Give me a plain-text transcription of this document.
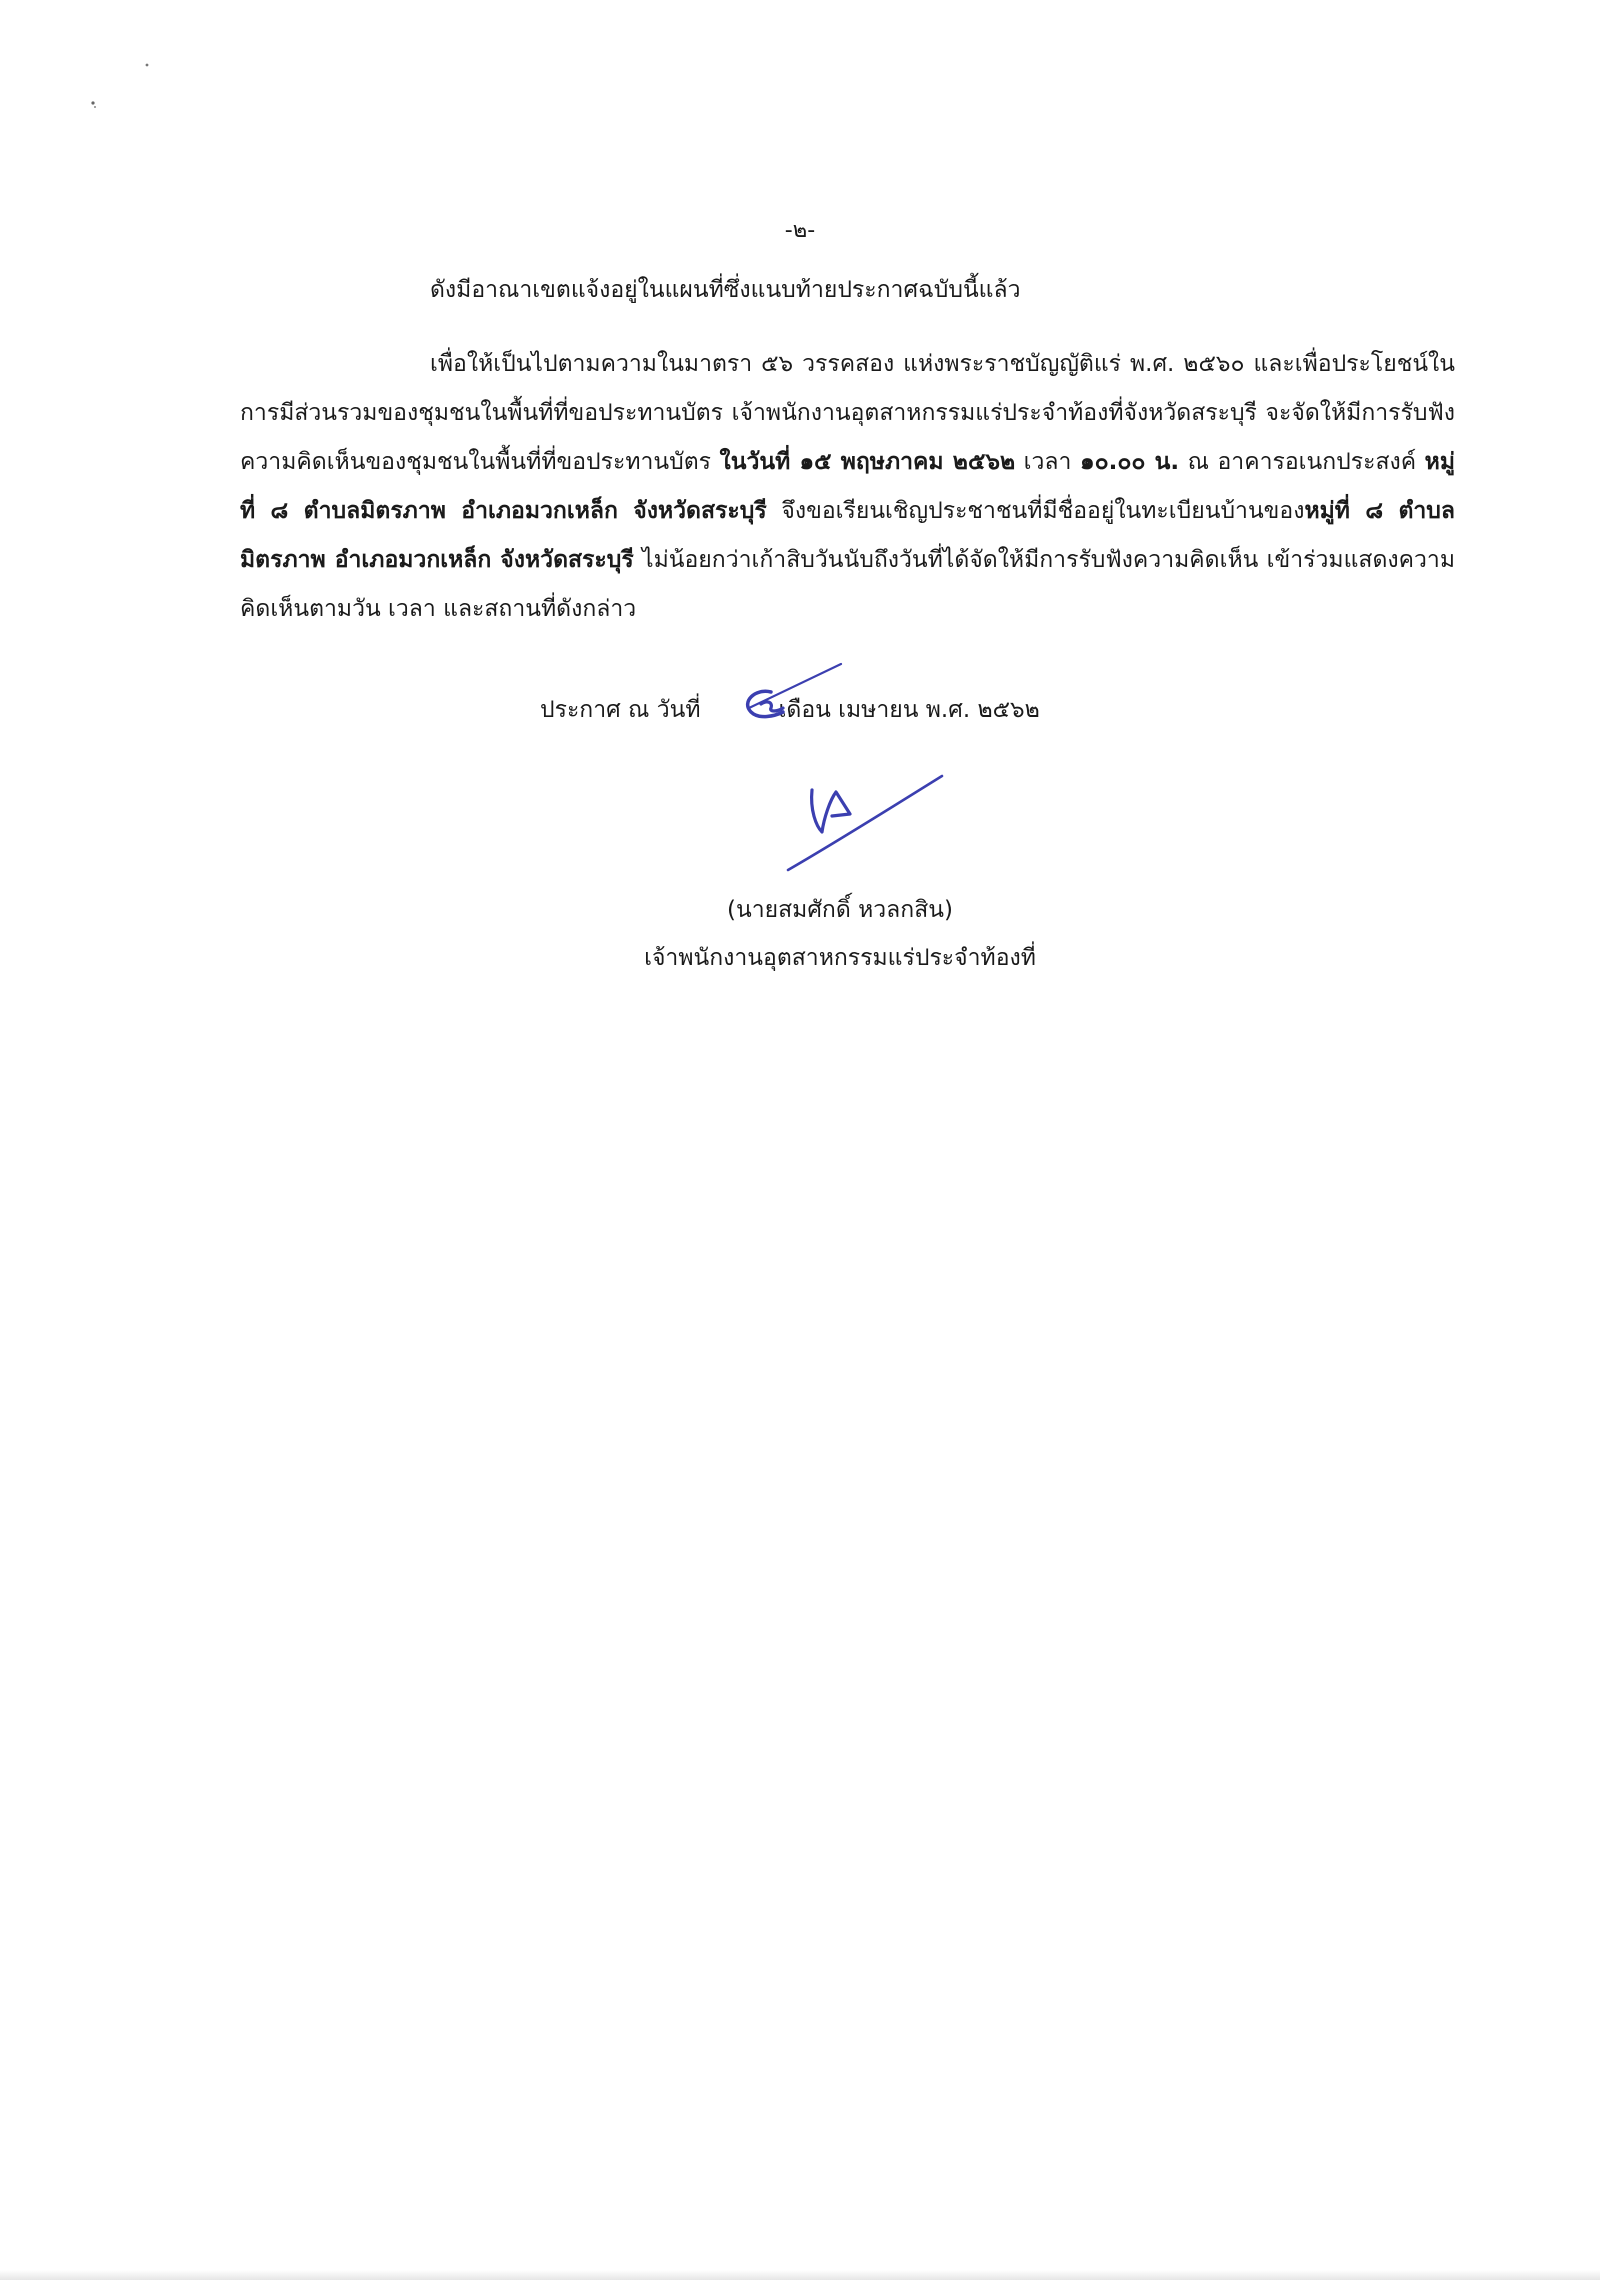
-๒-
ดังมีอาณาเขตแจ้งอยู่ในแผนที่ซึ่งแนบท้ายประกาศฉบับนี้แล้ว
เพื่อให้เป็นไปตามความในมาตรา ๕๖ วรรคสอง แห่งพระราชบัญญัติแร่ พ.ศ. ๒๕๖๐ และเพื่อประโยชน์ในการมีส่วนรวมของชุมชนในพื้นที่ที่ขอประทานบัตร เจ้าพนักงานอุตสาหกรรมแร่ประจำท้องที่จังหวัดสระบุรี จะจัดให้มีการรับฟังความคิดเห็นของชุมชนในพื้นที่ที่ขอประทานบัตร ในวันที่ ๑๕ พฤษภาคม ๒๕๖๒ เวลา ๑๐.๐๐ น. ณ อาคารอเนกประสงค์ หมู่ที่ ๘ ตำบลมิตรภาพ อำเภอมวกเหล็ก จังหวัดสระบุรี จึงขอเรียนเชิญประชาชนที่มีชื่ออยู่ในทะเบียนบ้านของหมู่ที่ ๘ ตำบลมิตรภาพ อำเภอมวกเหล็ก จังหวัดสระบุรี ไม่น้อยกว่าเก้าสิบวันนับถึงวันที่ได้จัดให้มีการรับฟังความคิดเห็น เข้าร่วมแสดงความคิดเห็นตามวัน เวลา และสถานที่ดังกล่าว
ประกาศ ณ วันที่	เดือน เมษายน พ.ศ. ๒๕๖๒
(นายสมศักดิ์ หวลกสิน)
เจ้าพนักงานอุตสาหกรรมแร่ประจำท้องที่
